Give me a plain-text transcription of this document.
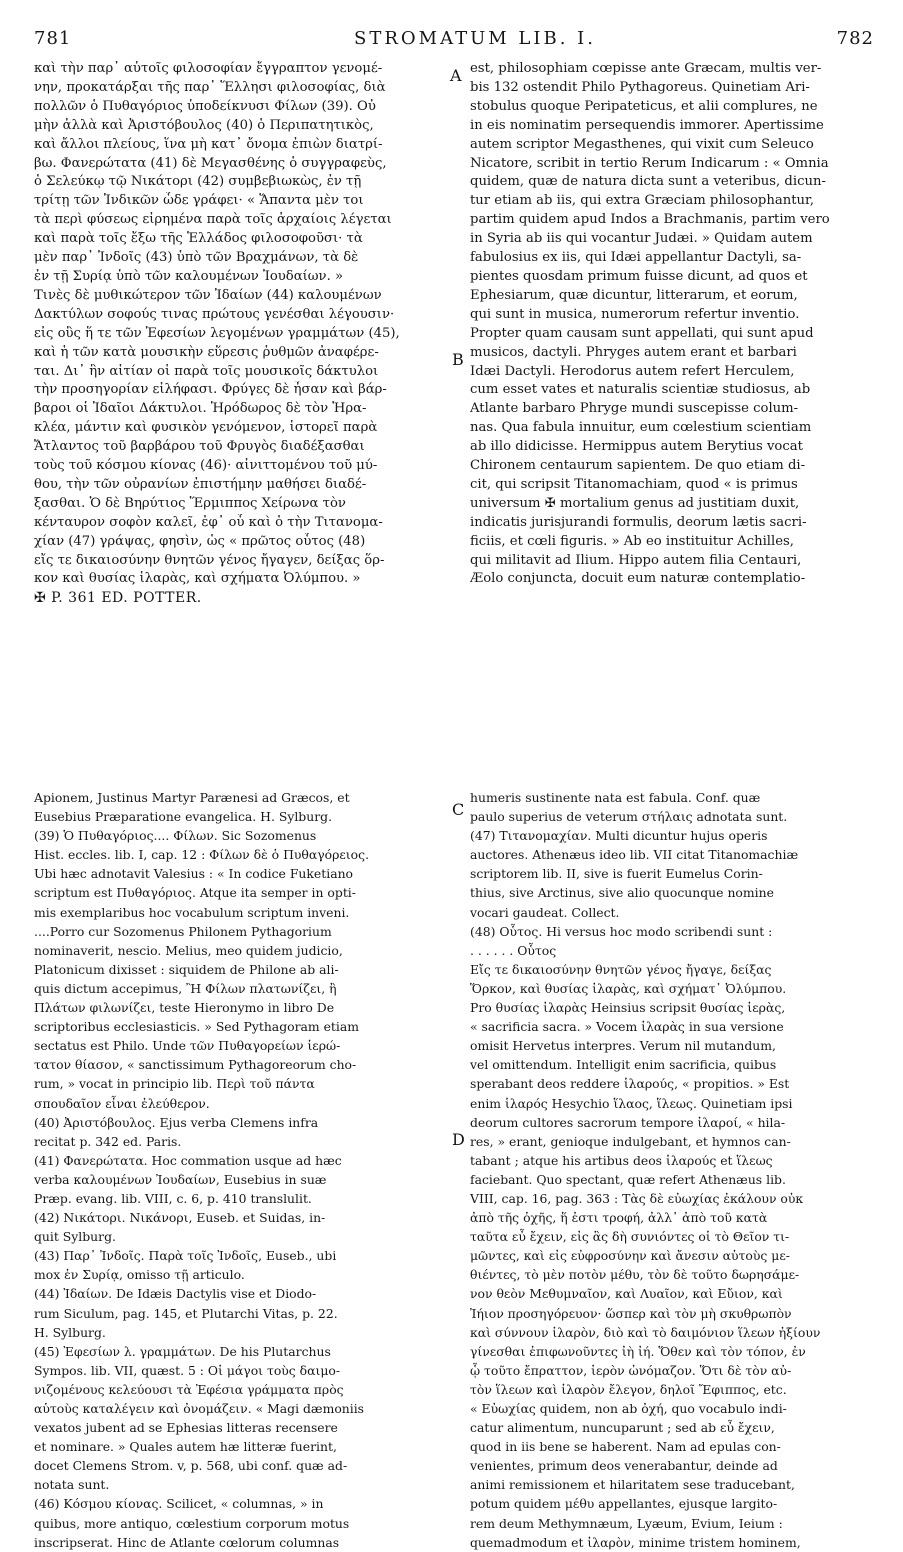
781	STROMATUM LIB. I.	782
A
B
C
D
καὶ τὴν παρ᾽ αὐτοῖς φιλοσοφίαν ἔγγραπτον γενομέ-
νην, προκατάρξαι τῆς παρ᾽ Ἕλλησι φιλοσοφίας, διὰ
πολλῶν ὁ Πυθαγόριος ὑποδείκνυσι Φίλων (39). Οὐ
μὴν ἀλλὰ καὶ Ἀριστόβουλος (40) ὁ Περιπατητικὸς,
καὶ ἄλλοι πλείους, ἵνα μὴ κατ᾽ ὄνομα ἐπιὼν διατρί-
βω. Φανερώτατα (41) δὲ Μεγασθένης ὁ συγγραφεὺς,
ὁ Σελεύκῳ τῷ Νικάτορι (42) συμβεβιωκὼς, ἐν τῇ
τρίτῃ τῶν Ἰνδικῶν ὧδε γράφει· « Ἅπαντα μὲν τοι
τὰ περὶ φύσεως εἰρημένα παρὰ τοῖς ἀρχαίοις λέγεται
καὶ παρὰ τοῖς ἔξω τῆς Ἑλλάδος φιλοσοφοῦσι· τὰ
μὲν παρ᾽ Ἰνδοῖς (43) ὑπὸ τῶν Βραχμάνων, τὰ δὲ
ἐν τῇ Συρίᾳ ὑπὸ τῶν καλουμένων Ἰουδαίων. »
Τινὲς δὲ μυθικώτερον τῶν Ἰδαίων (44) καλουμένων
Δακτύλων σοφούς τινας πρώτους γενέσθαι λέγουσιν·
εἰς οὓς ἥ τε τῶν Ἐφεσίων λεγομένων γραμμάτων (45),
καὶ ἡ τῶν κατὰ μουσικὴν εὕρεσις ῥυθμῶν ἀναφέρε-
ται. Δι᾽ ἣν αἰτίαν οἱ παρὰ τοῖς μουσικοῖς δάκτυλοι
τὴν προσηγορίαν εἰλήφασι. Φρύγες δὲ ἦσαν καὶ βάρ-
βαροι οἱ Ἰδαῖοι Δάκτυλοι. Ἡρόδωρος δὲ τὸν Ἡρα-
κλέα, μάντιν καὶ φυσικὸν γενόμενον, ἱστορεῖ παρὰ
Ἄτλαντος τοῦ βαρβάρου τοῦ Φρυγὸς διαδέξασθαι
τοὺς τοῦ κόσμου κίονας (46)· αἰνιττομένου τοῦ μύ-
θου, τὴν τῶν οὐρανίων ἐπιστήμην μαθήσει διαδέ-
ξασθαι. Ὁ δὲ Βηρύτιος Ἕρμιππος Χείρωνα τὸν
κένταυρον σοφὸν καλεῖ, ἐφ᾽ οὗ καὶ ὁ τὴν Τιτανομα-
χίαν (47) γράψας, φησὶν, ὡς « πρῶτος οὗτος (48)
εἴς τε δικαιοσύνην θνητῶν γένος ἤγαγεν, δείξας ὅρ-
κον καὶ θυσίας ἱλαρὰς, καὶ σχήματα Ὀλύμπου. »
✠ P. 361 ED. POTTER.
est, philosophiam cœpisse ante Græcam, multis ver-
bis 132 ostendit Philo Pythagoreus. Quinetiam Ari-
stobulus quoque Peripateticus, et alii complures, ne
in eis nominatim persequendis immorer. Apertissime
autem scriptor Megasthenes, qui vixit cum Seleuco
Nicatore, scribit in tertio Rerum Indicarum : « Omnia
quidem, quæ de natura dicta sunt a veteribus, dicun-
tur etiam ab iis, qui extra Græciam philosophantur,
partim quidem apud Indos a Brachmanis, partim vero
in Syria ab iis qui vocantur Judæi. » Quidam autem
fabulosius ex iis, qui Idæi appellantur Dactyli, sa-
pientes quosdam primum fuisse dicunt, ad quos et
Ephesiarum, quæ dicuntur, litterarum, et eorum,
qui sunt in musica, numerorum refertur inventio.
Propter quam causam sunt appellati, qui sunt apud
musicos, dactyli. Phryges autem erant et barbari
Idæi Dactyli. Herodorus autem refert Herculem,
cum esset vates et naturalis scientiæ studiosus, ab
Atlante barbaro Phryge mundi suscepisse colum-
nas. Qua fabula innuitur, eum cœlestium scientiam
ab illo didicisse. Hermippus autem Berytius vocat
Chironem centaurum sapientem. De quo etiam di-
cit, qui scripsit Titanomachiam, quod « is primus
universum ✠ mortalium genus ad justitiam duxit,
indicatis jurisjurandi formulis, deorum lætis sacri-
ficiis, et cœli figuris. » Ab eo instituitur Achilles,
qui militavit ad Ilium. Hippo autem filia Centauri,
Æolo conjuncta, docuit eum naturæ contemplatio-
Apionem, Justinus Martyr Parænesi ad Græcos, et
Eusebius Præparatione evangelica. H. Sylburg.
(39) Ὁ Πυθαγόριος.... Φίλων. Sic Sozomenus
Hist. eccles. lib. I, cap. 12 : Φίλων δὲ ὁ Πυθαγόρειος.
Ubi hæc adnotavit Valesius : « In codice Fuketiano
scriptum est Πυθαγόριος. Atque ita semper in opti-
mis exemplaribus hoc vocabulum scriptum inveni.
....Porro cur Sozomenus Philonem Pythagorium
nominaverit, nescio. Melius, meo quidem judicio,
Platonicum dixisset : siquidem de Philone ab ali-
quis dictum accepimus, Ἢ Φίλων πλατωνίζει, ἢ
Πλάτων φιλωνίζει, teste Hieronymo in libro De
scriptoribus ecclesiasticis. » Sed Pythagoram etiam
sectatus est Philo. Unde τῶν Πυθαγορείων ἱερώ-
τατον θίασον, « sanctissimum Pythagoreorum cho-
rum, » vocat in principio lib. Περὶ τοῦ πάντα
σπουδαῖον εἶναι ἐλεύθερον.
(40) Ἀριστόβουλος. Ejus verba Clemens infra
recitat p. 342 ed. Paris.
(41) Φανερώτατα. Hoc commation usque ad hæc
verba καλουμένων Ἰουδαίων, Eusebius in suæ
Præp. evang. lib. VIII, c. 6, p. 410 translulit.
(42) Νικάτορι. Νικάνορι, Euseb. et Suidas, in-
quit Sylburg.
(43) Παρ᾽ Ἰνδοῖς. Παρὰ τοῖς Ἰνδοῖς, Euseb., ubi
mox ἐν Συρίᾳ, omisso τῇ articulo.
(44) Ἰδαίων. De Idæis Dactylis vise et Diodo-
rum Siculum, pag. 145, et Plutarchi Vitas, p. 22.
H. Sylburg.
(45) Ἐφεσίων λ. γραμμάτων. De his Plutarchus
Sympos. lib. VII, quæst. 5 : Οἱ μάγοι τοὺς δαιμο-
νιζομένους κελεύουσι τὰ Ἐφέσια γράμματα πρὸς
αὑτοὺς καταλέγειν καὶ ὀνομάζειν. « Magi dæmoniis
vexatos jubent ad se Ephesias litteras recensere
et nominare. » Quales autem hæ litteræ fuerint,
docet Clemens Strom. v, p. 568, ubi conf. quæ ad-
notata sunt.
(46) Κόσμου κίονας. Scilicet, « columnas, » in
quibus, more antiquo, cœlestium corporum motus
inscripserat. Hinc de Atlante cœlorum columnas
humeris sustinente nata est fabula. Conf. quæ
paulo superius de veterum στήλαις adnotata sunt.
(47) Τιτανομαχίαν. Multi dicuntur hujus operis
auctores. Athenæus ideo lib. VII citat Titanomachiæ
scriptorem lib. II, sive is fuerit Eumelus Corin-
thius, sive Arctinus, sive alio quocunque nomine
vocari gaudeat. Collect.
(48) Οὗτος. Hi versus hoc modo scribendi sunt :
. . . . . . Οὗτος
Εἴς τε δικαιοσύνην θνητῶν γένος ἤγαγε, δείξας
Ὅρκον, καὶ θυσίας ἱλαρὰς, καὶ σχήματ᾽ Ὀλύμπου.
Pro θυσίας ἱλαρὰς Heinsius scripsit θυσίας ἱερὰς,
« sacrificia sacra. » Vocem ἱλαρὰς in sua versione
omisit Hervetus interpres. Verum nil mutandum,
vel omittendum. Intelligit enim sacrificia, quibus
sperabant deos reddere ἱλαρούς, « propitios. » Est
enim ἱλαρός Hesychio ἵλαος, ἵλεως. Quinetiam ipsi
deorum cultores sacrorum tempore ἱλαροί, « hila-
res, » erant, genioque indulgebant, et hymnos can-
tabant ; atque his artibus deos ἱλαρούς et ἵλεως
faciebant. Quo spectant, quæ refert Athenæus lib.
VIII, cap. 16, pag. 363 : Τὰς δὲ εὐωχίας ἐκάλουν οὐκ
ἀπὸ τῆς ὀχῆς, ἥ ἐστι τροφή, ἀλλ᾽ ἀπὸ τοῦ κατὰ
ταῦτα εὖ ἔχειν, εἰς ἃς δὴ συνιόντες οἱ τὸ Θεῖον τι-
μῶντες, καὶ εἰς εὐφροσύνην καὶ ἄνεσιν αὑτοὺς με-
θιέντες, τὸ μὲν ποτὸν μέθυ, τὸν δὲ τοῦτο δωρησάμε-
νον θεὸν Μεθυμναῖον, καὶ Λυαῖον, καὶ Εὔιον, καὶ
Ἰήιον προσηγόρευον· ὥσπερ καὶ τὸν μὴ σκυθρωπὸν
καὶ σύννουν ἱλαρὸν, διὸ καὶ τὸ δαιμόνιον ἵλεων ἠξίουν
γίνεσθαι ἐπιφωνοῦντες ἰὴ ἰή. Ὅθεν καὶ τὸν τόπον, ἐν
ᾧ τοῦτο ἔπραττον, ἱερὸν ὠνόμαζον. Ὅτι δὲ τὸν αὐ-
τὸν ἵλεων καὶ ἱλαρὸν ἔλεγον, δηλοῖ Ἔφιππος, etc.
« Εὐωχίας quidem, non ab ὀχή, quo vocabulo indi-
catur alimentum, nuncuparunt ; sed ab εὖ ἔχειν,
quod in iis bene se haberent. Nam ad epulas con-
venientes, primum deos venerabantur, deinde ad
animi remissionem et hilaritatem sese traducebant,
potum quidem μέθυ appellantes, ejusque largito-
rem deum Methymnæum, Lyæum, Evium, Ieium :
quemadmodum et ἱλαρὸν, minime tristem hominem,
